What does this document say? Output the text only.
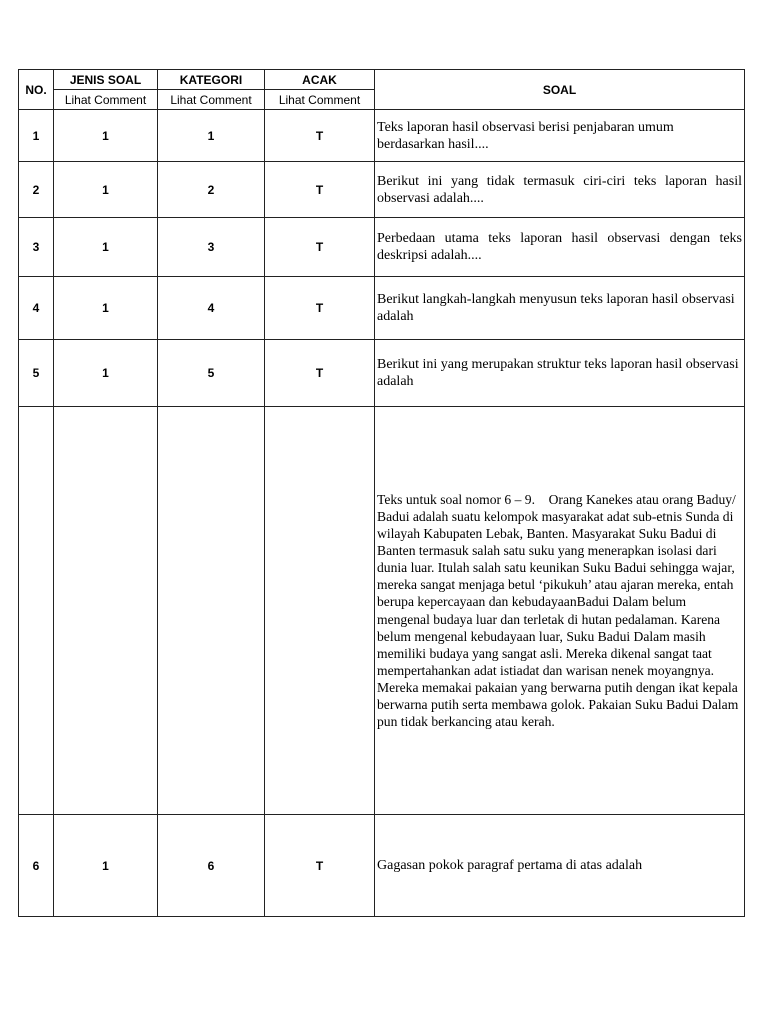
NO.	JENIS SOAL	KATEGORI	ACAK	SOAL
	Lihat Comment	Lihat Comment	Lihat Comment	
1	1	1	T	Teks laporan hasil observasi berisi penjabaran umum berdasarkan hasil....
2	1	2	T	Berikut ini yang tidak termasuk ciri-ciri teks laporan hasil observasi adalah....
3	1	3	T	Perbedaan utama teks laporan hasil observasi dengan teks deskripsi adalah....
4	1	4	T	Berikut langkah-langkah menyusun teks laporan hasil observasi adalah
5	1	5	T	Berikut ini yang merupakan struktur teks laporan hasil observasi adalah
				Teks untuk soal nomor 6 – 9.    Orang Kanekes atau orang Baduy/ Badui adalah suatu kelompok masyarakat adat sub-etnis Sunda di wilayah Kabupaten Lebak, Banten. Masyarakat Suku Badui di Banten termasuk salah satu suku yang menerapkan isolasi dari dunia luar. Itulah salah satu keunikan Suku Badui sehingga wajar, mereka sangat menjaga betul ‘pikukuh’ atau ajaran mereka, entah berupa kepercayaan dan kebudayaanBadui Dalam belum mengenal budaya luar dan terletak di hutan pedalaman. Karena belum mengenal kebudayaan luar, Suku Badui Dalam masih memiliki budaya yang sangat asli. Mereka dikenal sangat taat mempertahankan adat istiadat dan warisan nenek moyangnya. Mereka memakai pakaian yang berwarna putih dengan ikat kepala berwarna putih serta membawa golok. Pakaian Suku Badui Dalam pun tidak berkancing atau kerah.
6	1	6	T	Gagasan pokok paragraf pertama di atas adalah
